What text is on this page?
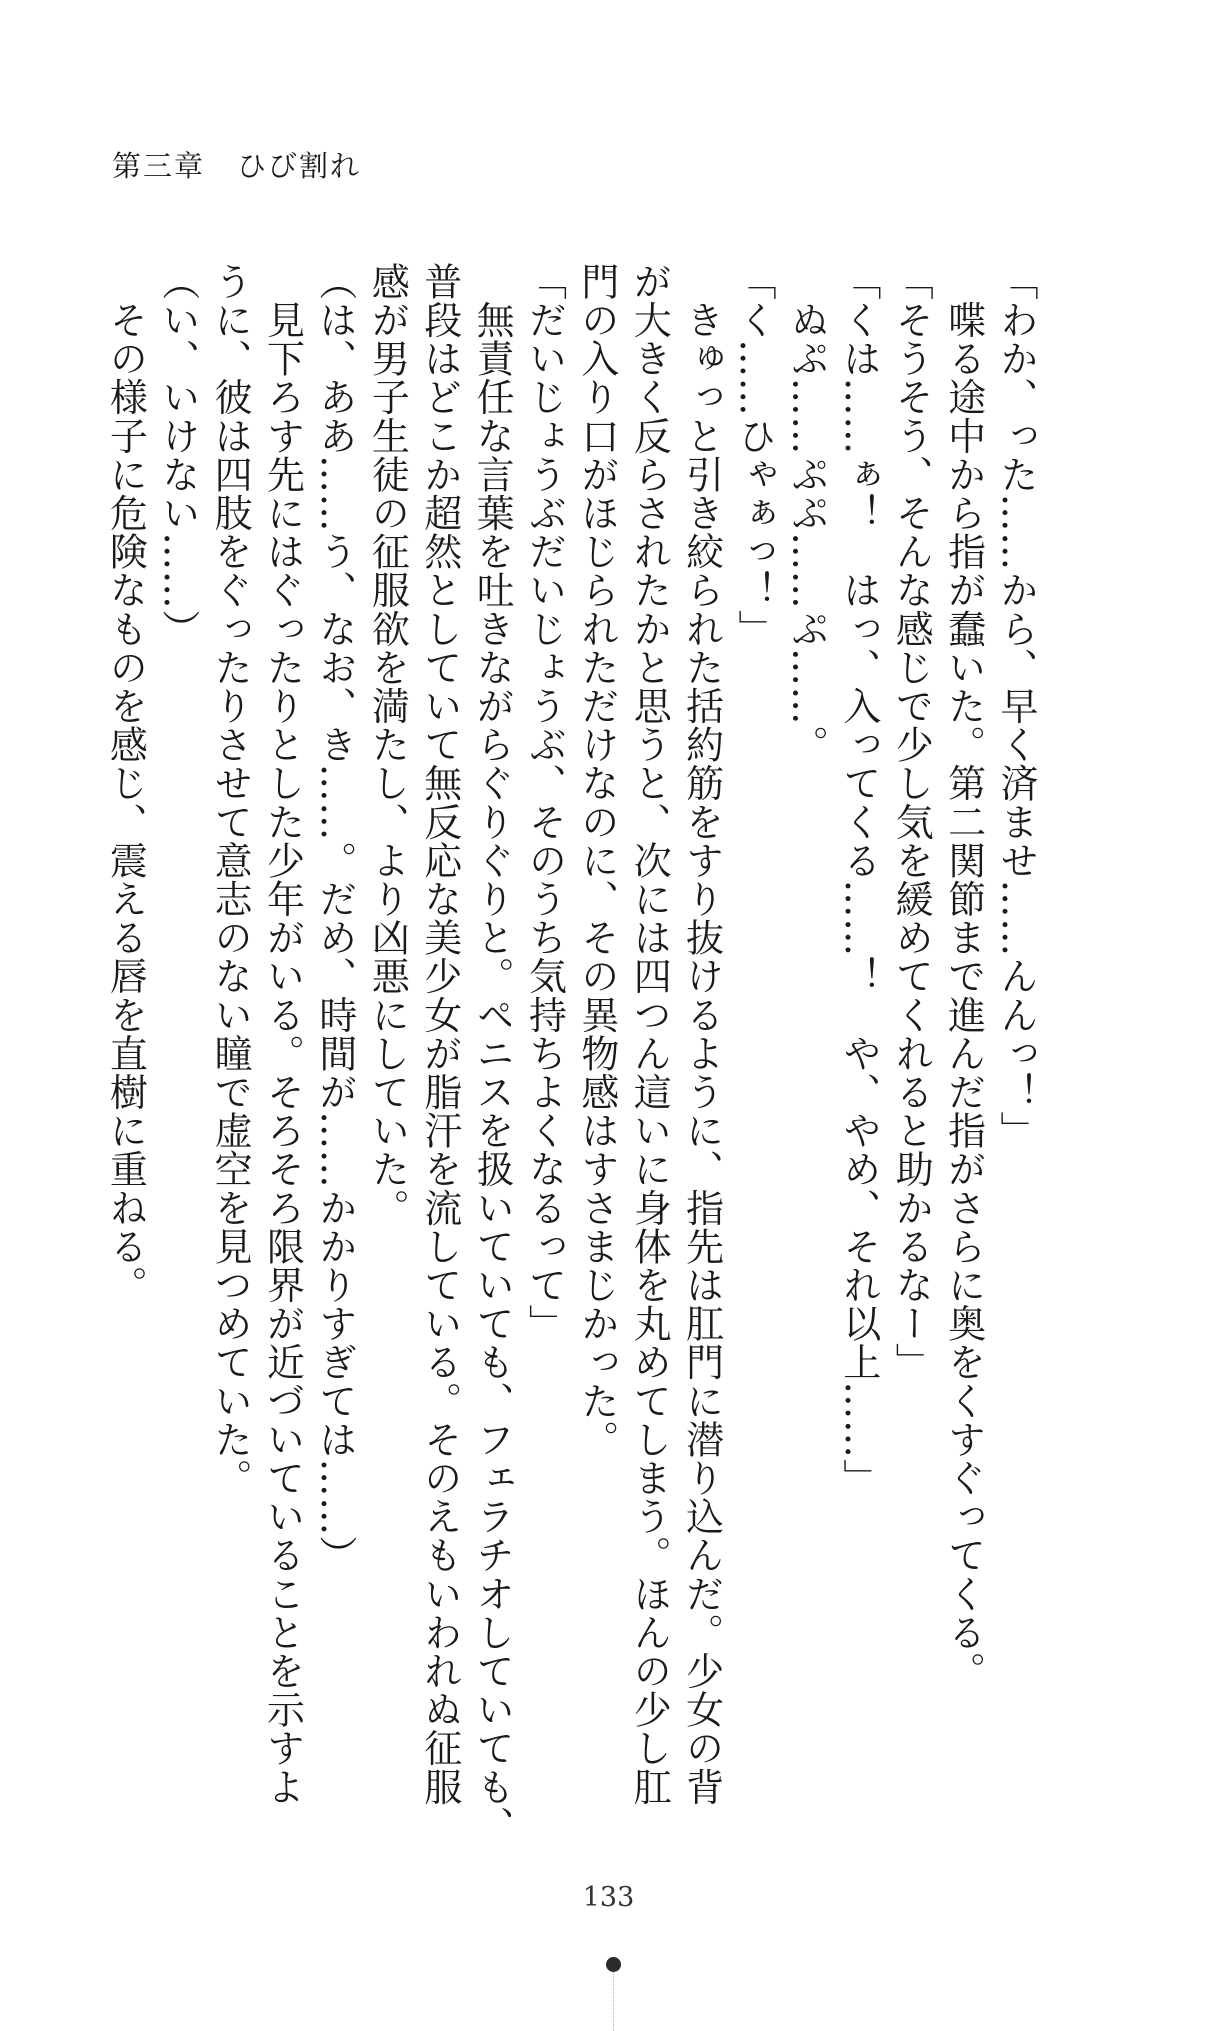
第三章 ひび割れ
「わか、った……から、早く済ませ……んんっ！」
　喋る途中から指が蠢いた。第二関節まで進んだ指がさらに奥をくすぐってくる。
「そうそう、そんな感じで少し気を緩めてくれると助かるなー」
「くは……ぁ！　はっ、入ってくる……！　や、やめ、それ以上……」
　ぬぷ……ぷぷ……ぷ……。
「く……ひゃぁっ！」
　きゅっと引き絞られた括約筋をすり抜けるように、指先は肛門に潜り込んだ。少女の背
が大きく反らされたかと思うと、次には四つん這いに身体を丸めてしまう。ほんの少し肛
門の入り口がほじられただけなのに、その異物感はすさまじかった。
「だいじょうぶだいじょうぶ、そのうち気持ちよくなるって」
　無責任な言葉を吐きながらぐりぐりと。ペニスを扱いていても、フェラチオしていても、
普段はどこか超然としていて無反応な美少女が脂汗を流している。そのえもいわれぬ征服
感が男子生徒の征服欲を満たし、より凶悪にしていた。
（は、ああ……う、なお、き……。だめ、時間が……かかりすぎては……）
　見下ろす先にはぐったりとした少年がいる。そろそろ限界が近づいていることを示すよ
うに、彼は四肢をぐったりさせて意志のない瞳で虚空を見つめていた。
（い、いけない……）
　その様子に危険なものを感じ、震える唇を直樹に重ねる。
133
